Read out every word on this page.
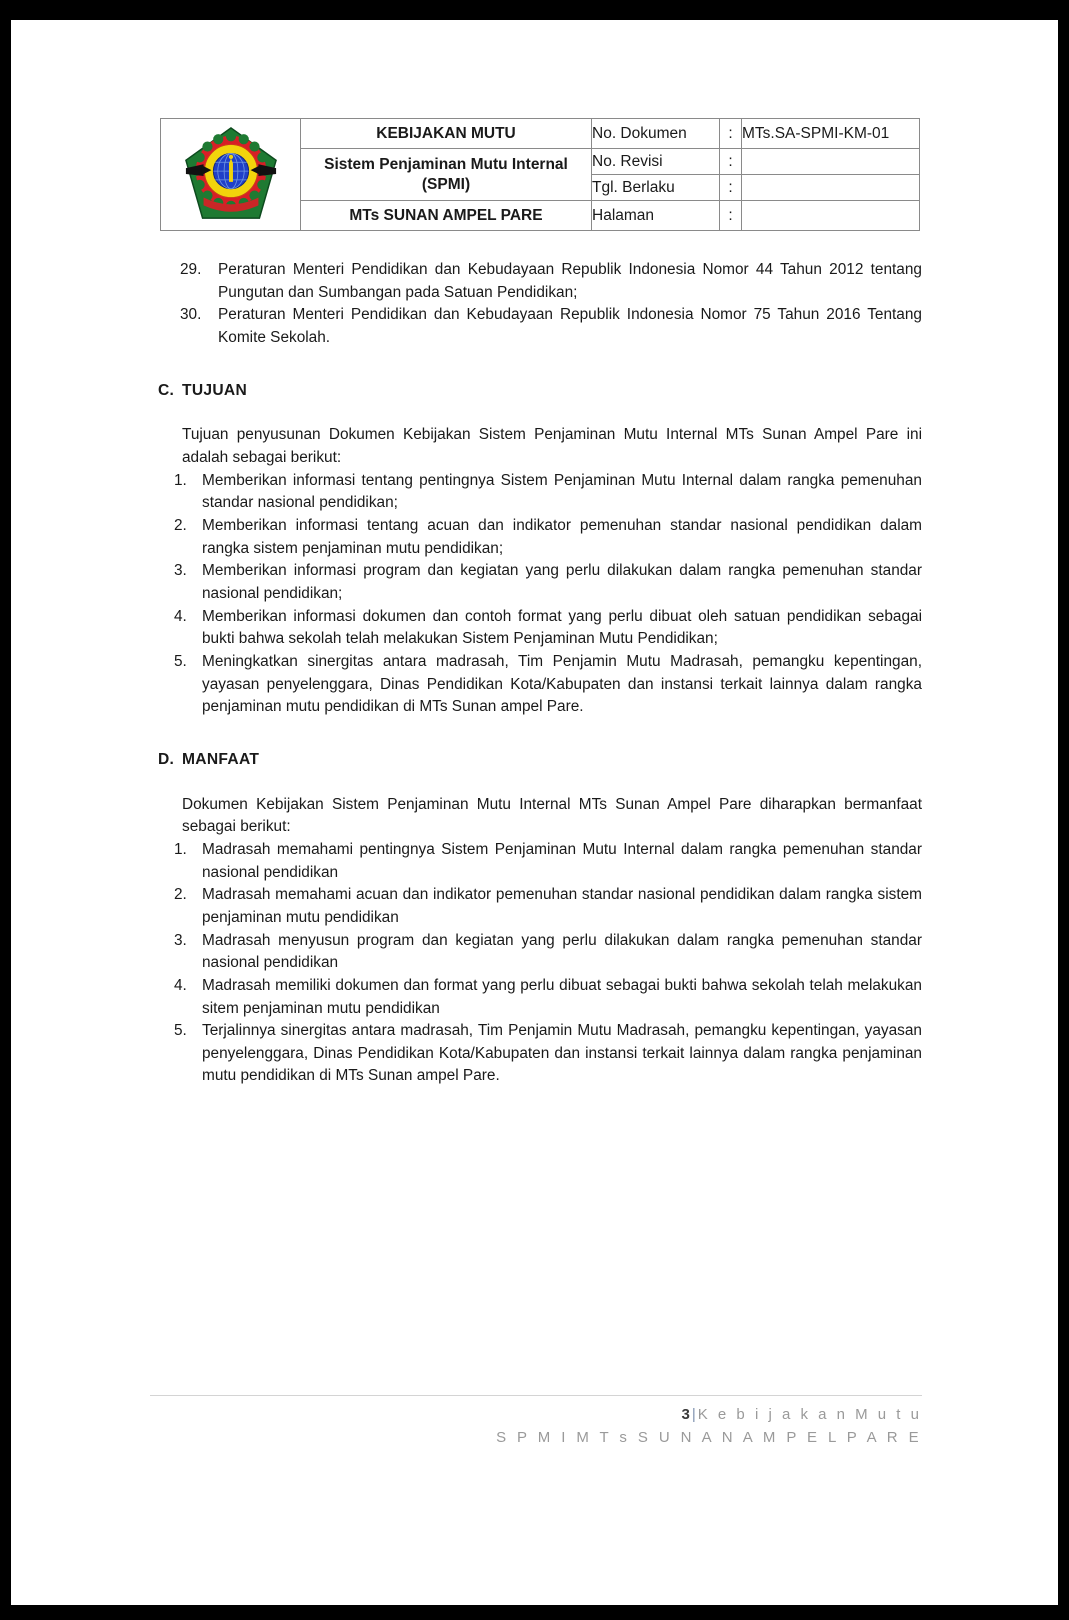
	KEBIJAKAN MUTU	No. Dokumen	:	MTs.SA-SPMI-KM-01
	Sistem Penjaminan Mutu Internal (SPMI)	No. Revisi	:	
		Tgl. Berlaku	:	
	MTs SUNAN AMPEL PARE	Halaman	:	
29. Peraturan Menteri Pendidikan dan Kebudayaan Republik Indonesia Nomor 44 Tahun 2012 tentang Pungutan dan Sumbangan pada Satuan Pendidikan;
30. Peraturan Menteri Pendidikan dan Kebudayaan Republik Indonesia Nomor 75 Tahun 2016 Tentang Komite Sekolah.
C. TUJUAN

Tujuan penyusunan Dokumen Kebijakan Sistem Penjaminan Mutu Internal MTs Sunan Ampel Pare ini adalah sebagai berikut:

1. Memberikan informasi tentang pentingnya Sistem Penjaminan Mutu Internal dalam rangka pemenuhan standar nasional pendidikan;
2. Memberikan informasi tentang acuan dan indikator pemenuhan standar nasional pendidikan dalam rangka sistem penjaminan mutu pendidikan;
3. Memberikan informasi program dan kegiatan yang perlu dilakukan dalam rangka pemenuhan standar nasional pendidikan;
4. Memberikan informasi dokumen dan contoh format yang perlu dibuat oleh satuan pendidikan sebagai bukti bahwa sekolah telah melakukan Sistem Penjaminan Mutu Pendidikan;
5. Meningkatkan sinergitas antara madrasah, Tim Penjamin Mutu Madrasah, pemangku kepentingan, yayasan penyelenggara, Dinas Pendidikan Kota/Kabupaten dan instansi terkait lainnya dalam rangka penjaminan mutu pendidikan di MTs Sunan ampel Pare.
D. MANFAAT

Dokumen Kebijakan Sistem Penjaminan Mutu Internal MTs Sunan Ampel Pare diharapkan bermanfaat sebagai berikut:

1. Madrasah memahami pentingnya Sistem Penjaminan Mutu Internal dalam rangka pemenuhan standar nasional pendidikan
2. Madrasah memahami acuan dan indikator pemenuhan standar nasional pendidikan dalam rangka sistem penjaminan mutu pendidikan
3. Madrasah menyusun program dan kegiatan yang perlu dilakukan dalam rangka pemenuhan standar nasional pendidikan
4. Madrasah memiliki dokumen dan format yang perlu dibuat sebagai bukti bahwa sekolah telah melakukan sitem penjaminan mutu pendidikan
5. Terjalinnya sinergitas antara madrasah, Tim Penjamin Mutu Madrasah, pemangku kepentingan, yayasan penyelenggara, Dinas Pendidikan Kota/Kabupaten dan instansi terkait lainnya dalam rangka penjaminan mutu pendidikan di MTs Sunan ampel Pare.
3 | K e b i j a k a n M u t u
S P M I M T s S U N A N A M P E L P A R E
